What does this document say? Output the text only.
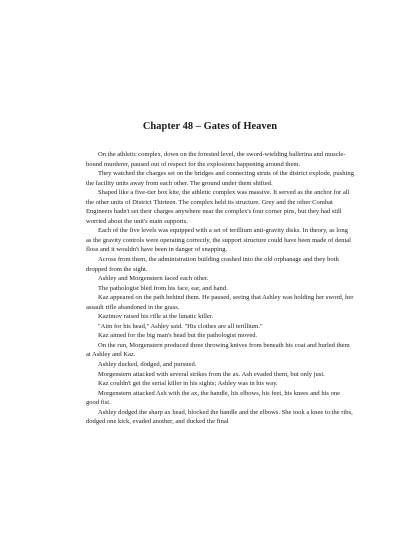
Chapter 48 – Gates of Heaven

On the athletic complex, down on the forested level, the sword-wielding ballerina and muscle-bound murderer, paused out of respect for the explosions happening around them.

They watched the charges set on the bridges and connecting struts of the district explode, pushing the facility units away from each other. The ground under them shifted.

Shaped like a five-tier box kite, the athletic complex was massive. It served as the anchor for all the other units of District Thirteen. The complex held its structure. Grey and the other Combat Engineers hadn't set their charges anywhere near the complex's four corner pins, but they had still worried about the unit's main supports.

Each of the five levels was equipped with a set of terillium anti-gravity disks. In theory, as long as the gravity controls were operating correctly, the support structure could have been made of dental floss and it wouldn't have been in danger of snapping.

Across from them, the administration building crashed into the old orphanage and they both dropped from the sight.

Ashley and Morgenstern faced each other.

The pathologist bled from his face, ear, and hand.

Kaz appeared on the path behind them. He paused, seeing that Ashley was holding her sword, her assault rifle abandoned in the grass.

Kazimov raised his rifle at the lunatic killer.

"Aim for his head," Ashley said. "His clothes are all terillium."

Kaz aimed for the big man's head but the pathologist moved.

On the run, Morgenstern produced three throwing knives from beneath his coat and hurled them at Ashley and Kaz.

Ashley ducked, dodged, and pursued.

Morgenstern attacked with several strikes from the ax. Ash evaded them, but only just.

Kaz couldn't get the serial killer in his sights; Ashley was in his way.

Morgenstern attacked Ash with the ax, the handle, his elbows, his feet, his knees and his one good fist.

Ashley dodged the sharp ax head, blocked the handle and the elbows. She took a knee to the ribs, dodged one kick, evaded another, and ducked the final
